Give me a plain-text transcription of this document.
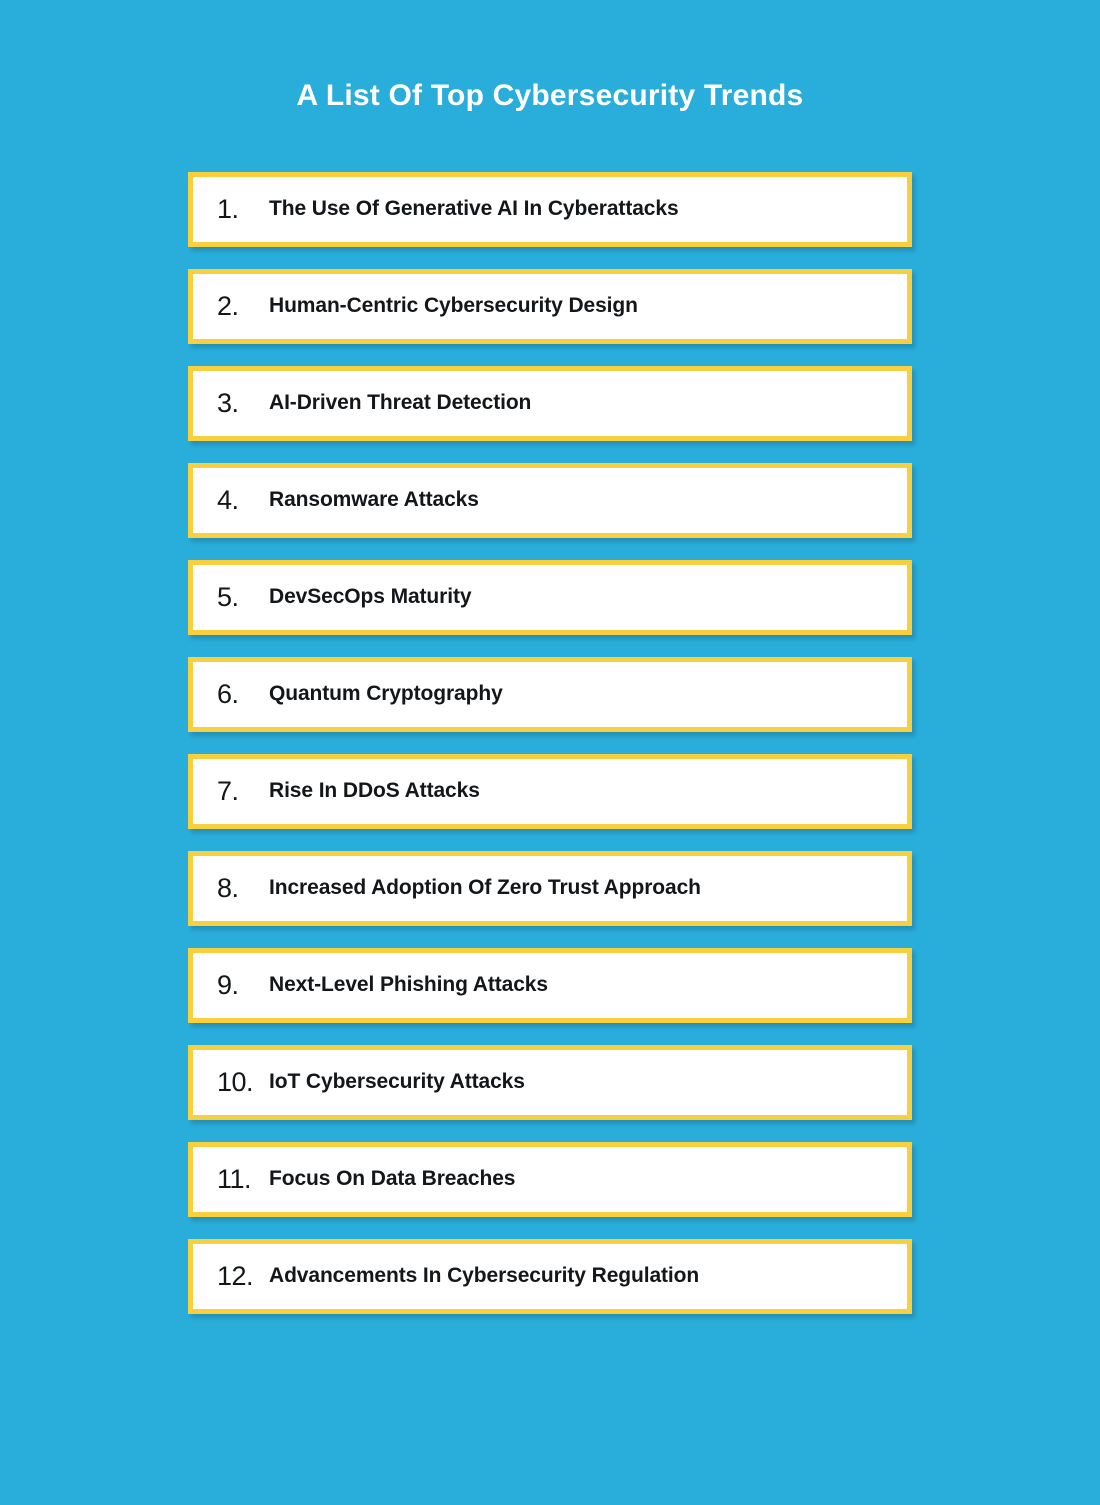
A List Of Top Cybersecurity Trends
1.	The Use Of Generative AI In Cyberattacks
2.	Human-Centric Cybersecurity Design
3.	AI-Driven Threat Detection
4.	Ransomware Attacks
5.	DevSecOps Maturity
6.	Quantum Cryptography
7.	Rise In DDoS Attacks
8.	Increased Adoption Of Zero Trust Approach
9.	Next-Level Phishing Attacks
10. IoT Cybersecurity Attacks
11. Focus On Data Breaches
12. Advancements In Cybersecurity Regulation
